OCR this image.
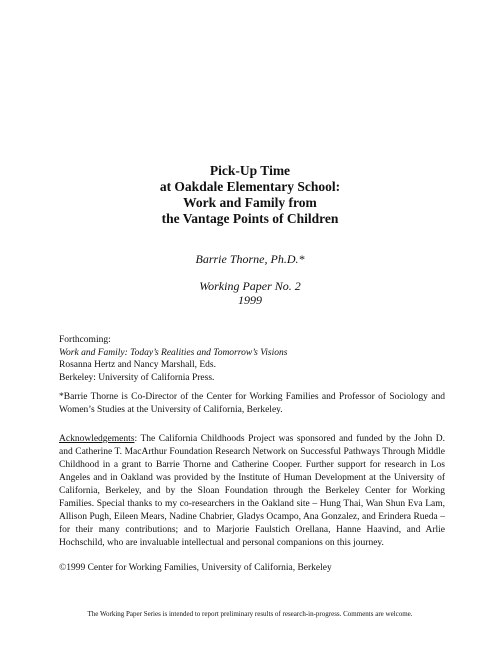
Pick-Up Time
at Oakdale Elementary School:
Work and Family from
the Vantage Points of Children
Barrie Thorne, Ph.D.*
Working Paper No. 2
1999
Forthcoming:
Work and Family: Today’s Realities and Tomorrow’s Visions
Rosanna Hertz and Nancy Marshall, Eds.
Berkeley: University of California Press.
*Barrie Thorne is Co-Director of the Center for Working Families and Professor of Sociology and Women’s Studies at the University of California, Berkeley.
Acknowledgements: The California Childhoods Project was sponsored and funded by the John D. and Catherine T. MacArthur Foundation Research Network on Successful Pathways Through Middle Childhood in a grant to Barrie Thorne and Catherine Cooper. Further support for research in Los Angeles and in Oakland was provided by the Institute of Human Development at the University of California, Berkeley, and by the Sloan Foundation through the Berkeley Center for Working Families. Special thanks to my co-researchers in the Oakland site – Hung Thai, Wan Shun Eva Lam, Allison Pugh, Eileen Mears, Nadine Chabrier, Gladys Ocampo, Ana Gonzalez, and Erindera Rueda – for their many contributions; and to Marjorie Faulstich Orellana, Hanne Haavind, and Arlie Hochschild, who are invaluable intellectual and personal companions on this journey.
©1999 Center for Working Families, University of California, Berkeley
The Working Paper Series is intended to report preliminary results of research-in-progress. Comments are welcome.
